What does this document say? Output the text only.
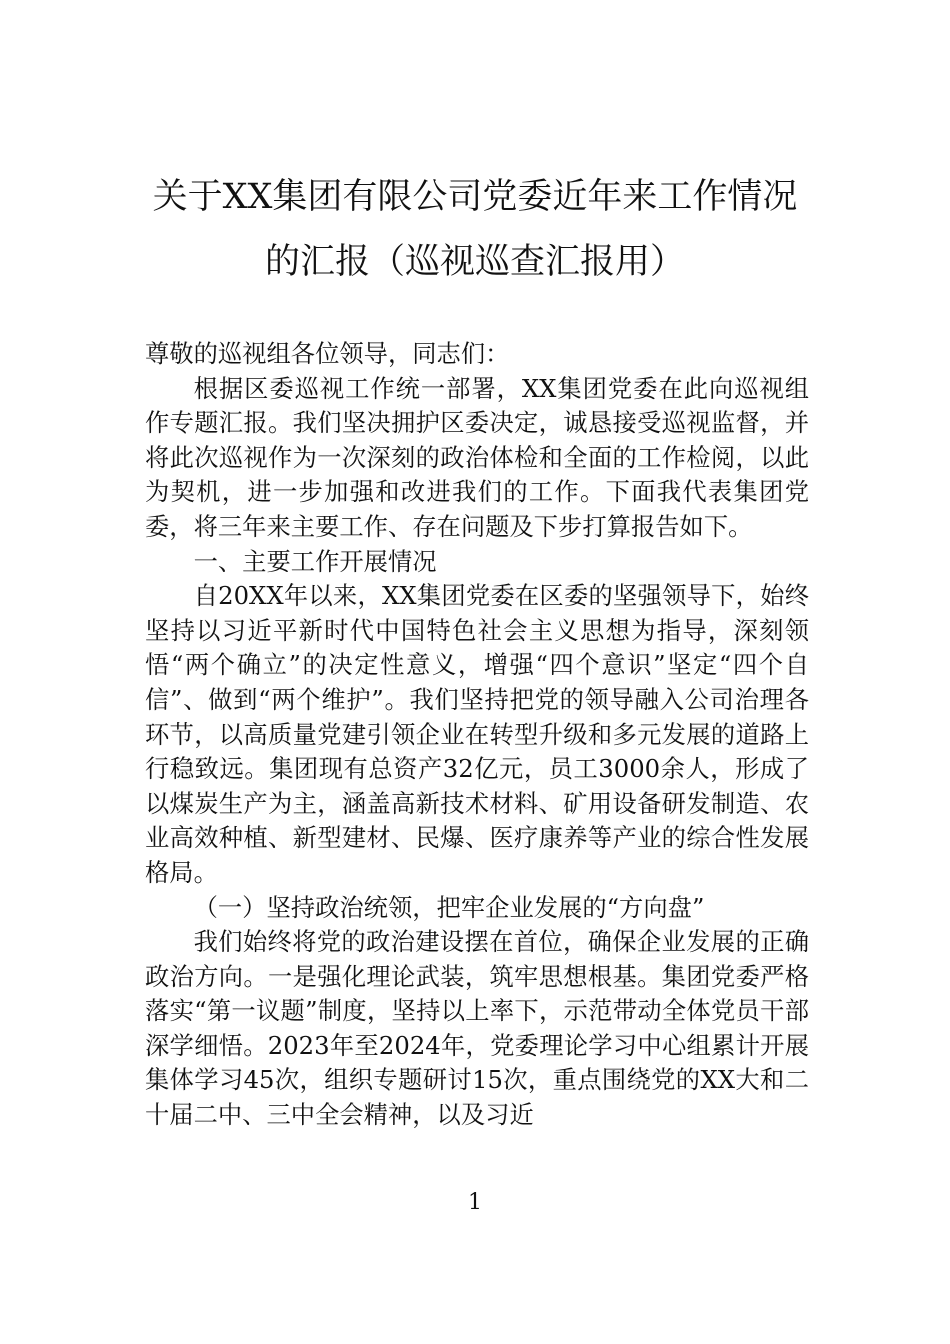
关于XX集团有限公司党委近年来工作情况
的汇报（巡视巡查汇报用）

尊敬的巡视组各位领导，同志们：

根据区委巡视工作统一部署，XX集团党委在此向巡视组作专题汇报。我们坚决拥护区委决定，诚恳接受巡视监督，并将此次巡视作为一次深刻的政治体检和全面的工作检阅，以此为契机，进一步加强和改进我们的工作。下面我代表集团党委，将三年来主要工作、存在问题及下步打算报告如下。

一、主要工作开展情况

自20XX年以来，XX集团党委在区委的坚强领导下，始终坚持以习近平新时代中国特色社会主义思想为指导，深刻领悟“两个确立”的决定性意义，增强“四个意识”坚定“四个自信”、做到“两个维护”。我们坚持把党的领导融入公司治理各环节，以高质量党建引领企业在转型升级和多元发展的道路上行稳致远。集团现有总资产32亿元，员工3000余人，形成了以煤炭生产为主，涵盖高新技术材料、矿用设备研发制造、农业高效种植、新型建材、民爆、医疗康养等产业的综合性发展格局。

（一）坚持政治统领，把牢企业发展的“方向盘”

我们始终将党的政治建设摆在首位，确保企业发展的正确政治方向。一是强化理论武装，筑牢思想根基。集团党委严格落实“第一议题”制度，坚持以上率下，示范带动全体党员干部深学细悟。2023年至2024年，党委理论学习中心组累计开展集体学习45次，组织专题研讨15次，重点围绕党的XX大和二十届二中、三中全会精神，以及习近

1
